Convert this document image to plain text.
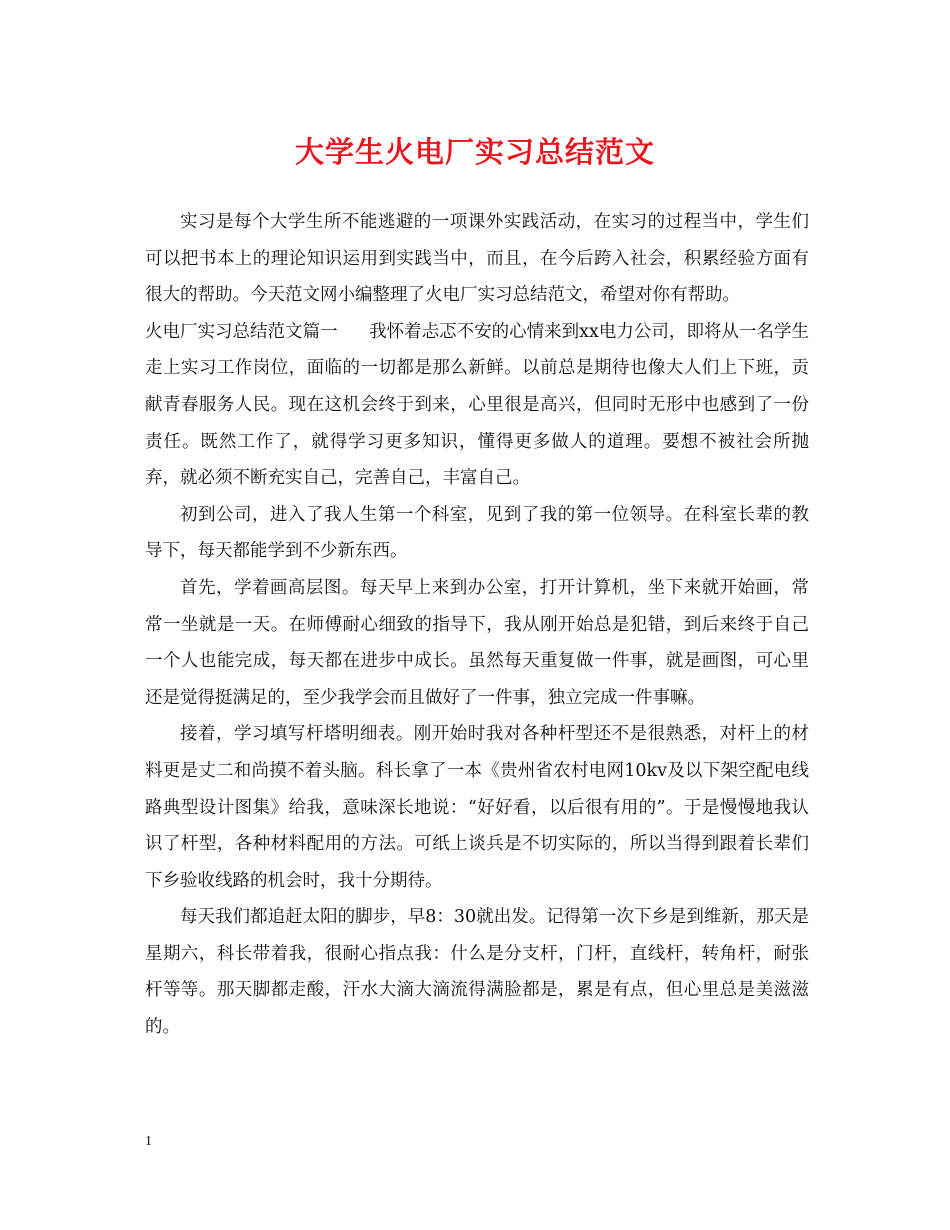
大学生火电厂实习总结范文

实习是每个大学生所不能逃避的一项课外实践活动，在实习的过程当中，学生们可以把书本上的理论知识运用到实践当中，而且，在今后跨入社会，积累经验方面有很大的帮助。今天范文网小编整理了火电厂实习总结范文，希望对你有帮助。

火电厂实习总结范文篇一 我怀着忐忑不安的心情来到xx电力公司，即将从一名学生走上实习工作岗位，面临的一切都是那么新鲜。以前总是期待也像大人们上下班，贡献青春服务人民。现在这机会终于到来，心里很是高兴，但同时无形中也感到了一份责任。既然工作了，就得学习更多知识，懂得更多做人的道理。要想不被社会所抛弃，就必须不断充实自己，完善自己，丰富自己。

初到公司，进入了我人生第一个科室，见到了我的第一位领导。在科室长辈的教导下，每天都能学到不少新东西。

首先，学着画高层图。每天早上来到办公室，打开计算机，坐下来就开始画，常常一坐就是一天。在师傅耐心细致的指导下，我从刚开始总是犯错，到后来终于自己一个人也能完成，每天都在进步中成长。虽然每天重复做一件事，就是画图，可心里还是觉得挺满足的，至少我学会而且做好了一件事，独立完成一件事嘛。

接着，学习填写杆塔明细表。刚开始时我对各种杆型还不是很熟悉，对杆上的材料更是丈二和尚摸不着头脑。科长拿了一本《贵州省农村电网10kv及以下架空配电线路典型设计图集》给我，意味深长地说：“好好看，以后很有用的”。于是慢慢地我认识了杆型，各种材料配用的方法。可纸上谈兵是不切实际的，所以当得到跟着长辈们下乡验收线路的机会时，我十分期待。

每天我们都追赶太阳的脚步，早8：30就出发。记得第一次下乡是到维新，那天是星期六，科长带着我，很耐心指点我：什么是分支杆，门杆，直线杆，转角杆，耐张杆等等。那天脚都走酸，汗水大滴大滴流得满脸都是，累是有点，但心里总是美滋滋的。

1
